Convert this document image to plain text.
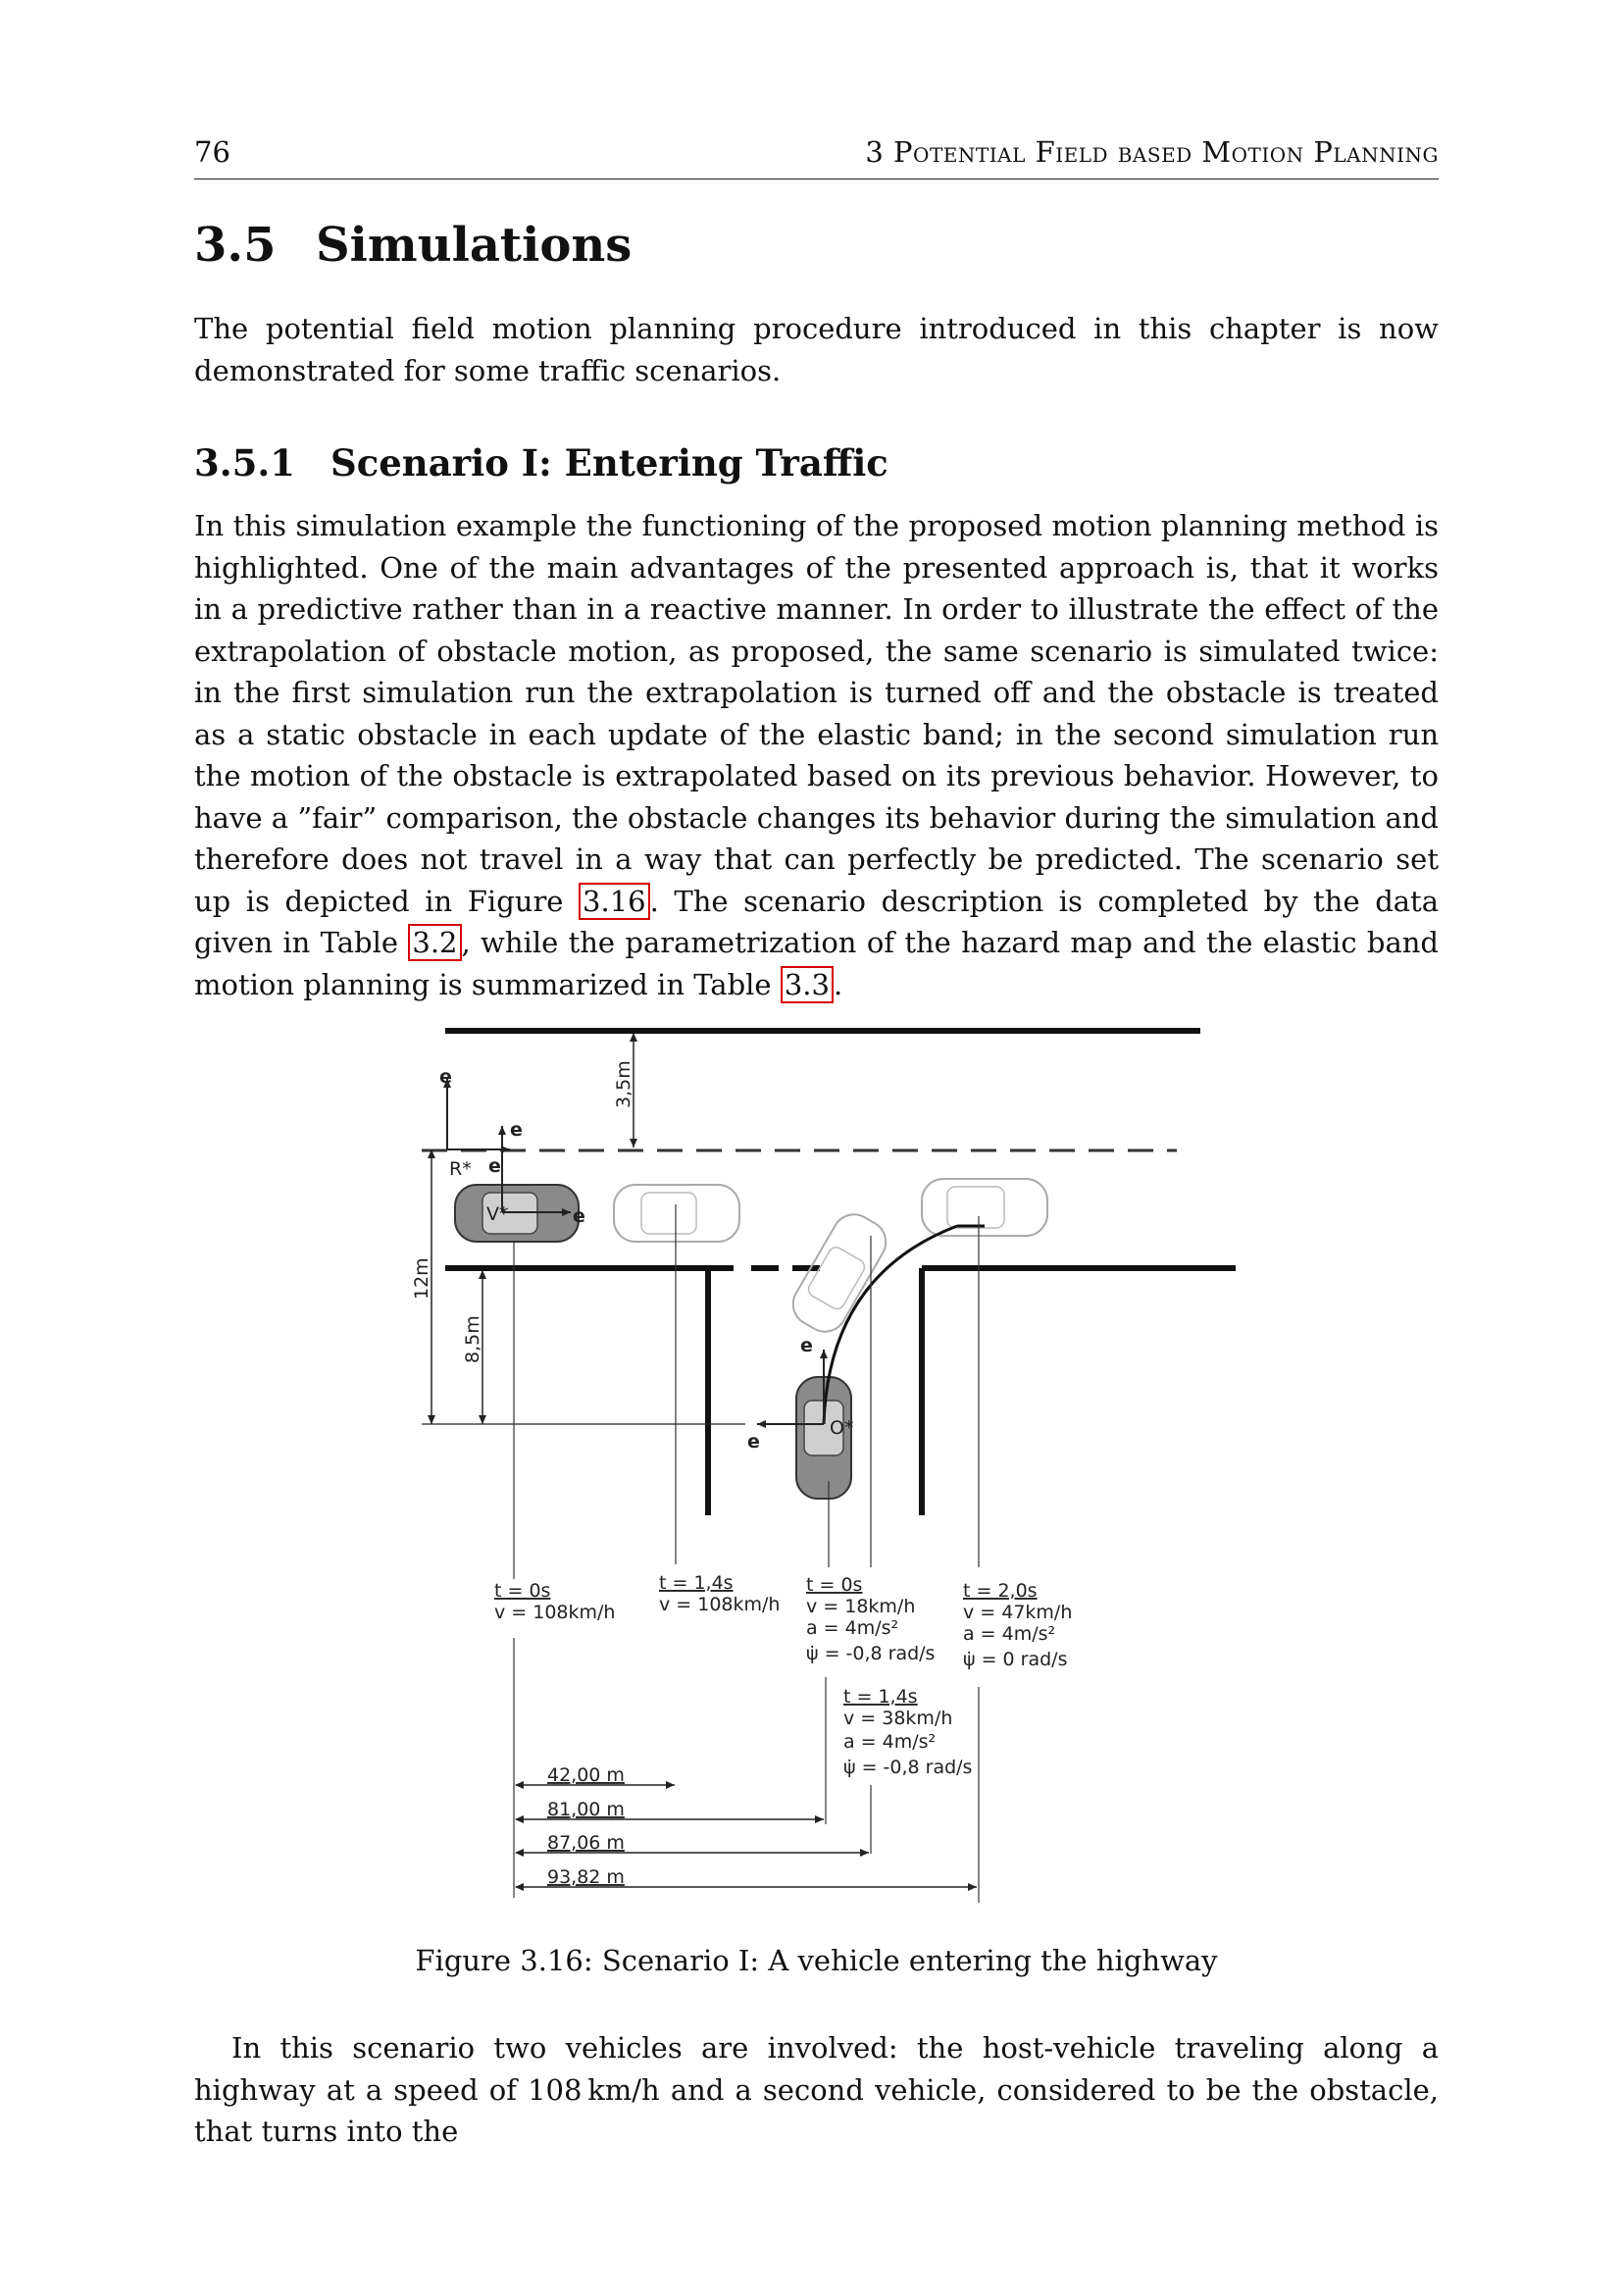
76	3 Potential Field based Motion Planning
3.5 Simulations
The potential field motion planning procedure introduced in this chapter is now demonstrated for some traffic scenarios.
3.5.1 Scenario I: Entering Traffic
In this simulation example the functioning of the proposed motion planning method is highlighted. One of the main advantages of the presented approach is, that it works in a predictive rather than in a reactive manner. In order to illustrate the effect of the extrapolation of obstacle motion, as proposed, the same scenario is simulated twice: in the first simulation run the extrapolation is turned off and the obstacle is treated as a static obstacle in each update of the elastic band; in the second simulation run the motion of the obstacle is extrapolated based on its previous behavior. However, to have a ”fair” comparison, the obstacle changes its behavior during the simulation and therefore does not travel in a way that can perfectly be predicted. The scenario set up is depicted in Figure 3.16 . The scenario description is completed by the data given in Table 3.2 , while the parametrization of the hazard map and the elastic band motion planning is summarized in Table 3.3 .
3,5m
12m
8,5m
e
e
R*
V*
e
e
O*
e
e
t = 0s
v = 108km/h
t = 1,4s
v = 108km/h
t = 0s
v = 18km/h
a = 4m/s²
ψ̇ = -0,8 rad/s
t = 2,0s
v = 47km/h
a = 4m/s²
ψ̇ = 0 rad/s
t = 1,4s
v = 38km/h
a = 4m/s²
ψ̇ = -0,8 rad/s
42,00 m
81,00 m
87,06 m
93,82 m
Figure 3.16: Scenario I: A vehicle entering the highway
In this scenario two vehicles are involved: the host-vehicle traveling along a highway at a speed of 108 km/h and a second vehicle, considered to be the obstacle, that turns into the
